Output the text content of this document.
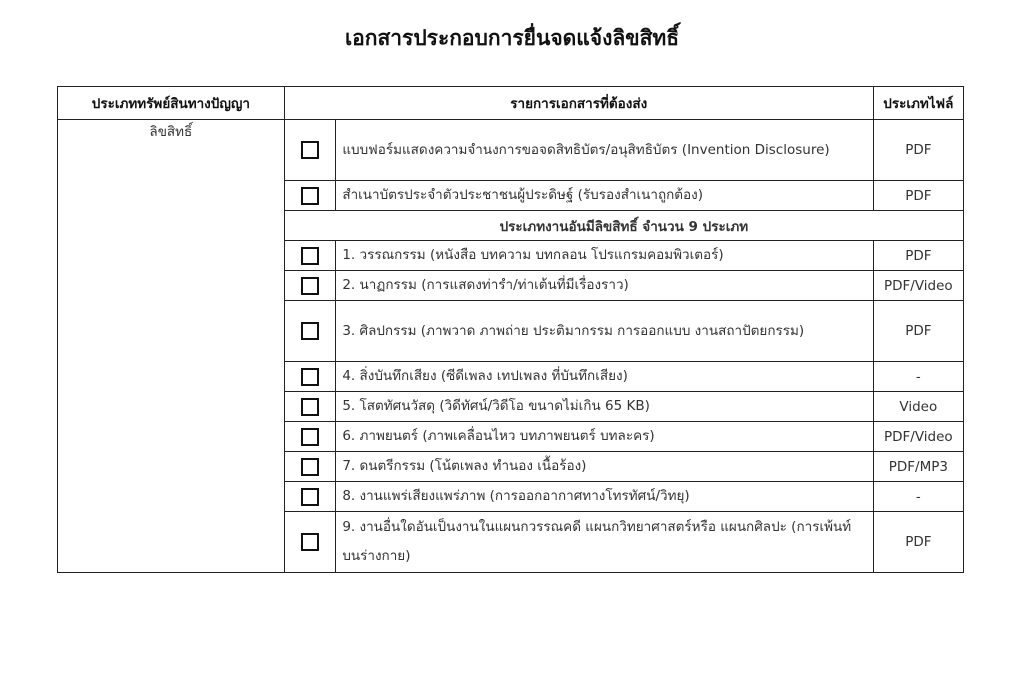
เอกสารประกอบการยื่นจดแจ้งลิขสิทธิ์
ประเภททรัพย์สินทางปัญญา	รายการเอกสารที่ต้องส่ง		ประเภทไฟล์
ลิขสิทธิ์		แบบฟอร์มแสดงความจำนงการขอจดสิทธิบัตร/อนุสิทธิบัตร (Invention Disclosure)	PDF
		สำเนาบัตรประจำตัวประชาชนผู้ประดิษฐ์ (รับรองสำเนาถูกต้อง)	PDF
	ประเภทงานอันมีลิขสิทธิ์ จำนวน 9 ประเภท		
		1. วรรณกรรม (หนังสือ บทความ บทกลอน โปรแกรมคอมพิวเตอร์)	PDF
		2. นาฏกรรม (การแสดงท่ารำ/ท่าเต้นที่มีเรื่องราว)	PDF/Video
		3. ศิลปกรรม (ภาพวาด ภาพถ่าย ประติมากรรม การออกแบบ งานสถาปัตยกรรม)	PDF
		4. สิ่งบันทึกเสียง (ซีดีเพลง เทปเพลง ที่บันทึกเสียง)	-
		5. โสตทัศนวัสดุ (วิดีทัศน์/วิดีโอ ขนาดไม่เกิน 65 KB)	Video
		6. ภาพยนตร์ (ภาพเคลื่อนไหว บทภาพยนตร์ บทละคร)	PDF/Video
		7. ดนตรีกรรม (โน้ตเพลง ทำนอง เนื้อร้อง)	PDF/MP3
		8. งานแพร่เสียงแพร่ภาพ (การออกอากาศทางโทรทัศน์/วิทยุ)	-
		9. งานอื่นใดอันเป็นงานในแผนกวรรณคดี แผนกวิทยาศาสตร์หรือ แผนกศิลปะ (การเพ้นท์บนร่างกาย)	PDF
